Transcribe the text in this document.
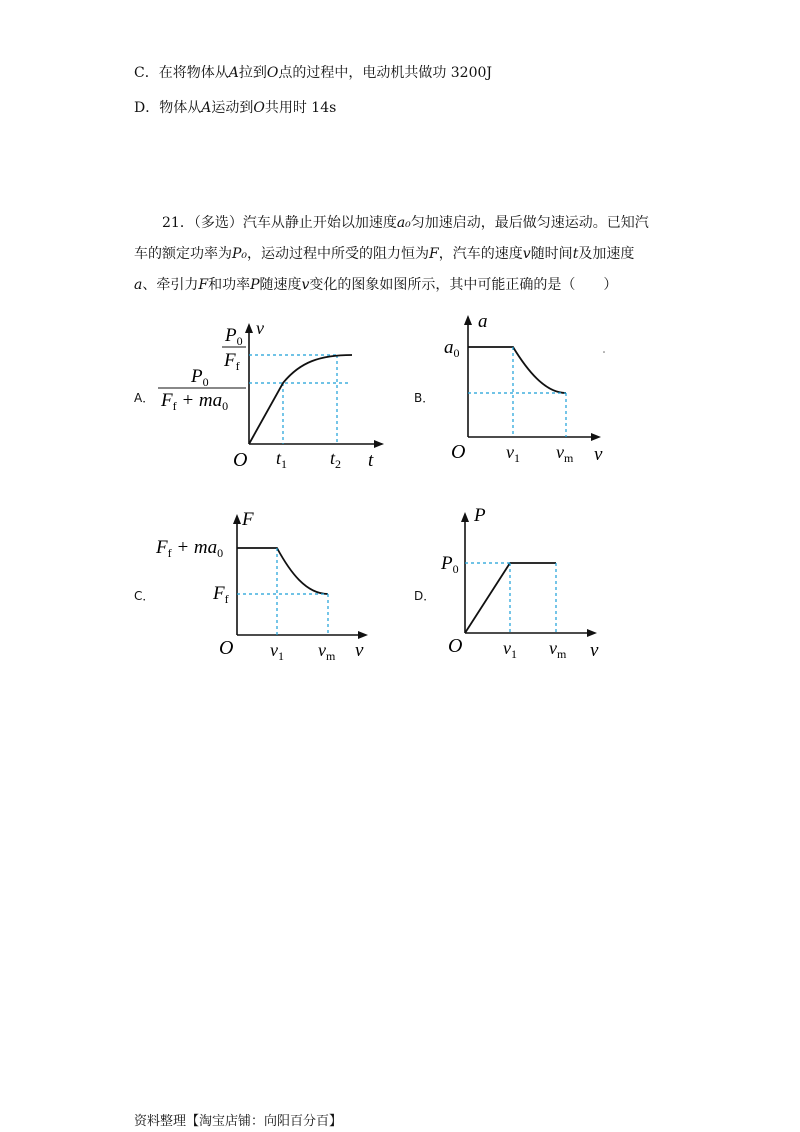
C．在将物体从A拉到O点的过程中，电动机共做功 3200J
D．物体从A运动到O共用时 14s
21．（多选）汽车从静止开始以加速度a₀匀加速启动，最后做匀速运动。已知汽
车的额定功率为P₀，运动过程中所受的阻力恒为F，汽车的速度v随时间t及加速度
a、牵引力F和功率P随速度v变化的图象如图所示，其中可能正确的是（　　）
A．	B．
C．	D．
v
t
O
$P_0$
$F_f$
$P_0$
$F_f + ma_0$
$t_1$ $t_2$
a
v
O
$a_0$
$v_1$ $v_m$
F
v
O
$F_f + ma_0$
$F_f$
$v_1$ $v_m$
P
v
O
$P_0$
$v_1$ $v_m$
资料整理【淘宝店铺：向阳百分百】
